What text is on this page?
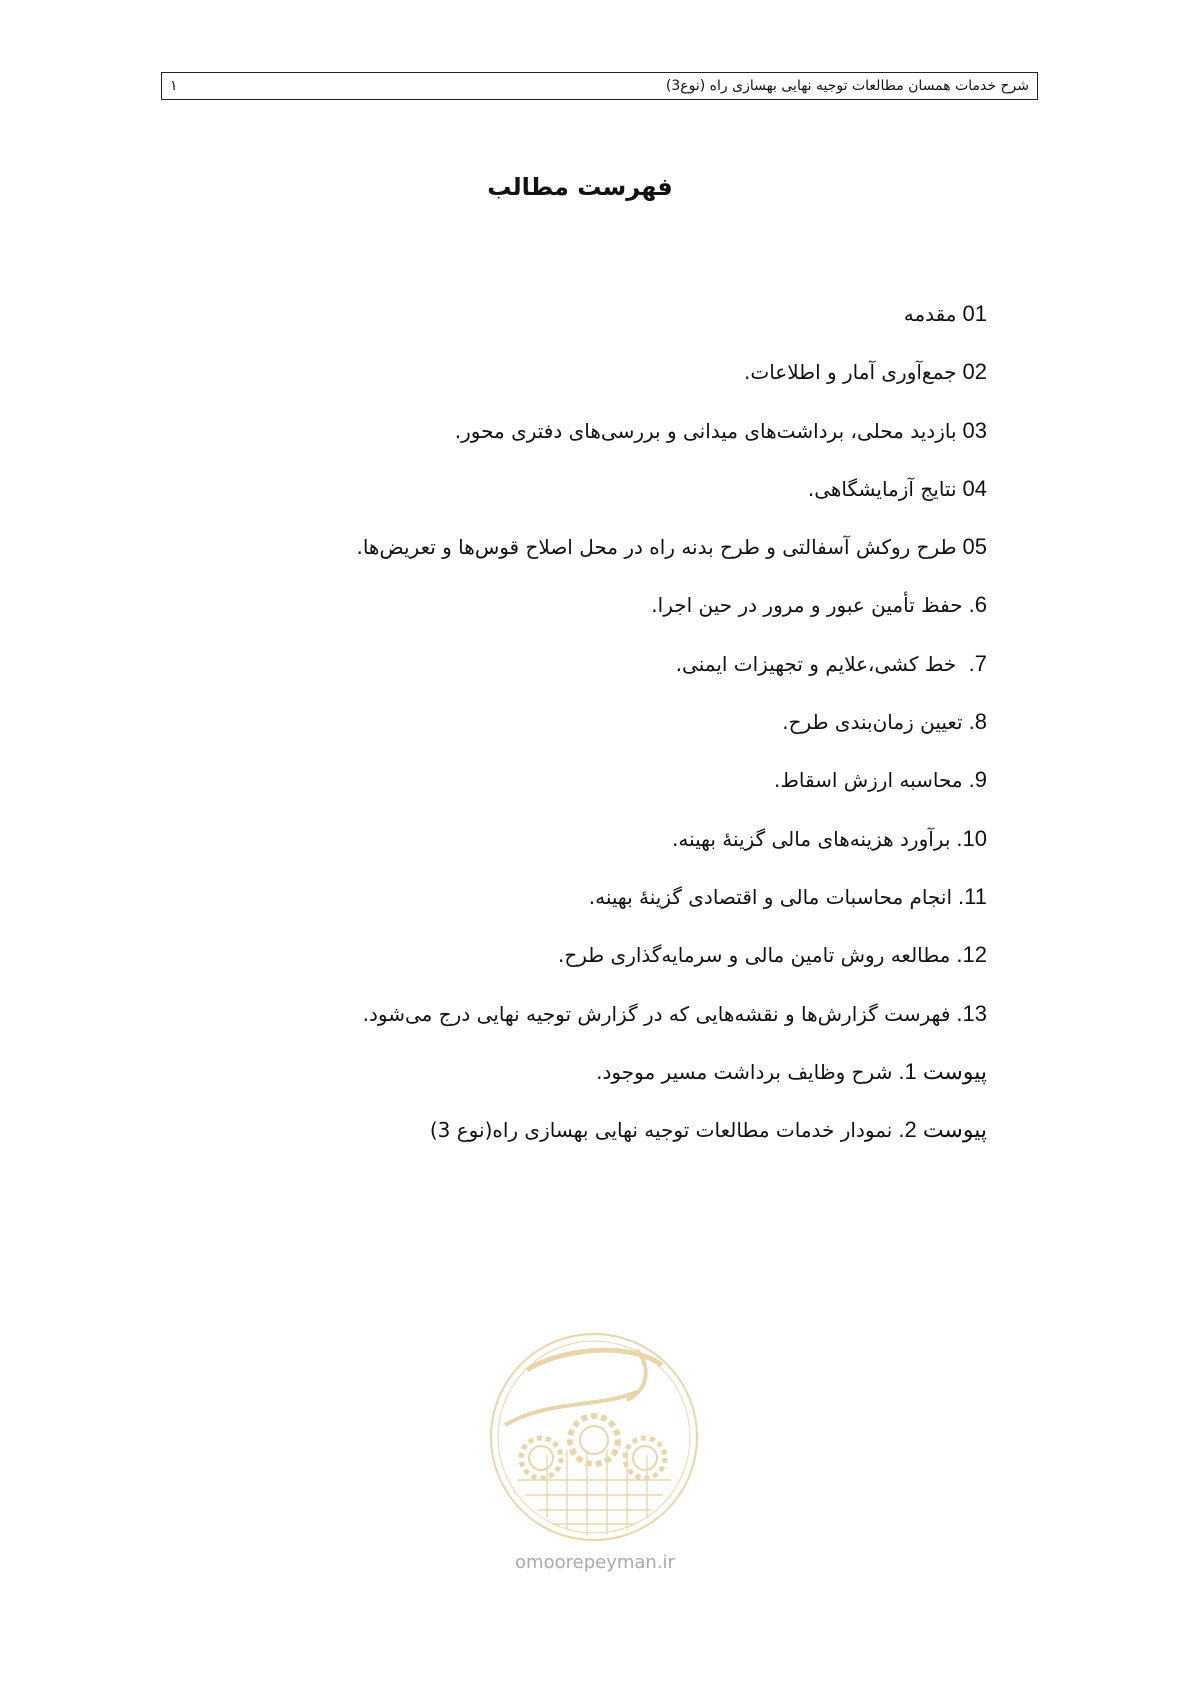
۱	شرح خدمات همسان مطالعات توجیه نهایی بهسازی راه (نوع3)
فهرست مطالب
01مقدمه
02جمع‌آوری آمار و اطلاعات.
03بازدید محلی، برداشت‌های میدانی و بررسی‌های دفتری محور.
04نتایج آزمایشگاهی.
05طرح روکش آسفالتی و طرح بدنه راه در محل اصلاح قوس‌ها و تعریض‌ها.
6.حفظ تأمین عبور و مرور در حین اجرا.
7. خط کشی،علایم و تجهیزات ایمنی.
8.تعیین زمان‌بندی طرح.
9.محاسبه ارزش اسقاط.
10.برآورد هزینه‌های مالی گزینهٔ بهینه.
11.انجام محاسبات مالی و اقتصادی گزینهٔ بهینه.
12.مطالعه روش تامین مالی و سرمایه‌گذاری طرح.
13.فهرست گزارش‌ها و نقشه‌هایی که در گزارش توجیه نهایی درج می‌شود.
پیوست 1.شرح وظایف برداشت مسیر موجود.
پیوست 2.نمودار خدمات مطالعات توجیه نهایی بهسازی راه(نوع 3)
omoorepeyman.ir
